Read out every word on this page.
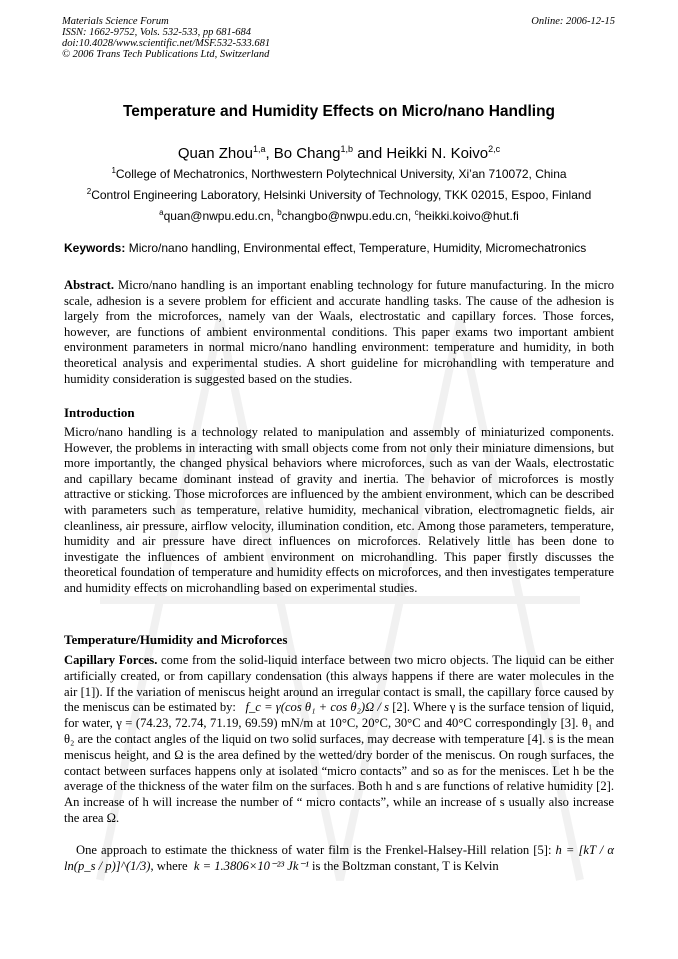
Materials Science Forum
ISSN: 1662-9752, Vols. 532-533, pp 681-684
doi:10.4028/www.scientific.net/MSF.532-533.681
© 2006 Trans Tech Publications Ltd, Switzerland
Online: 2006-12-15
Temperature and Humidity Effects on Micro/nano Handling
Quan Zhou$^{1,a}$, Bo Chang$^{1,b}$ and Heikki N. Koivo$^{2,c}$
$^1$College of Mechatronics, Northwestern Polytechnical University, Xi’an 710072, China
$^2$Control Engineering Laboratory, Helsinki University of Technology, TKK 02015, Espoo, Finland
$^a$quan@nwpu.edu.cn, $^b$changbo@nwpu.edu.cn, $^c$heikki.koivo@hut.fi
Keywords: Micro/nano handling, Environmental effect, Temperature, Humidity, Micromechatronics
Abstract. Micro/nano handling is an important enabling technology for future manufacturing. In the micro scale, adhesion is a severe problem for efficient and accurate handling tasks. The cause of the adhesion is largely from the microforces, namely van der Waals, electrostatic and capillary forces. Those forces, however, are functions of ambient environmental conditions. This paper exams two important ambient environment parameters in normal micro/nano handling environment: temperature and humidity, in both theoretical analysis and experimental studies. A short guideline for microhandling with temperature and humidity consideration is suggested based on the studies.
Introduction
Micro/nano handling is a technology related to manipulation and assembly of miniaturized components. However, the problems in interacting with small objects come from not only their miniature dimensions, but more importantly, the changed physical behaviors where microforces, such as van der Waals, electrostatic and capillary became dominant instead of gravity and inertia. The behavior of microforces is mostly attractive or sticking. Those microforces are influenced by the ambient environment, which can be described with parameters such as temperature, relative humidity, mechanical vibration, electromagnetic fields, air cleanliness, air pressure, airflow velocity, illumination condition, etc. Among those parameters, temperature, humidity and air pressure have direct influences on microforces. Relatively little has been done to investigate the influences of ambient environment on microhandling. This paper firstly discusses the theoretical foundation of temperature and humidity effects on microforces, and then investigates temperature and humidity effects on microhandling based on experimental studies.
Temperature/Humidity and Microforces
Capillary Forces. come from the solid-liquid interface between two micro objects. The liquid can be either artificially created, or from capillary condensation (this always happens if there are water molecules in the air [1]). If the variation of meniscus height around an irregular contact is small, the capillary force caused by the meniscus can be estimated by: f_c = γ(cos θ₁ + cos θ₂)Ω / s [2]. Where γ is the surface tension of liquid, for water, γ = (74.23, 72.74, 71.19, 69.59) mN/m at 10°C, 20°C, 30°C and 40°C correspondingly [3]. θ₁ and θ₂ are the contact angles of the liquid on two solid surfaces, may decrease with temperature [4]. s is the mean meniscus height, and Ω is the area defined by the wetted/dry border of the meniscus. On rough surfaces, the contact between surfaces happens only at isolated “micro contacts” and so as for the menisces. Let h be the average of the thickness of the water film on the surfaces. Both h and s are functions of relative humidity [2]. An increase of h will increase the number of “ micro contacts”, while an increase of s usually also increase the area Ω.
One approach to estimate the thickness of water film is the Frenkel-Halsey-Hill relation [5]: h = [kT / α ln(p_s / p)]^(1/3), where k = 1.3806×10⁻²³ Jk⁻¹ is the Boltzman constant, T is Kelvin
